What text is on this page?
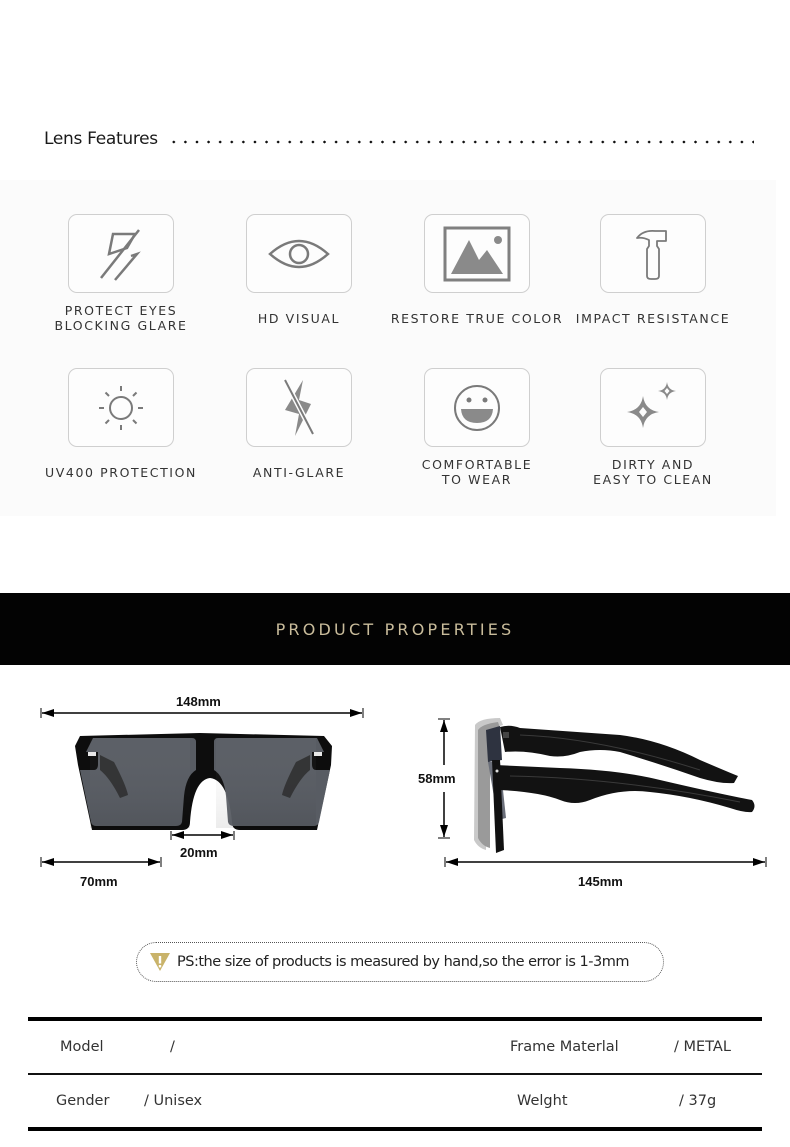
Lens Features
PROTECT EYES
BLOCKING GLARE	HD VISUAL	RESTORE TRUE COLOR	IMPACT RESISTANCE
UV400 PROTECTION	ANTI-GLARE
COMFORTABLE
TO WEAR
DIRTY AND
EASY TO CLEAN
PRODUCT PROPERTIES
148mm
20mm
70mm
58mm
145mm
PS:the size of products is measured by hand,so the error is 1-3mm
Model	/	Frame Materlal	/ METAL
Gender / Unisex	Welght	/ 37g
